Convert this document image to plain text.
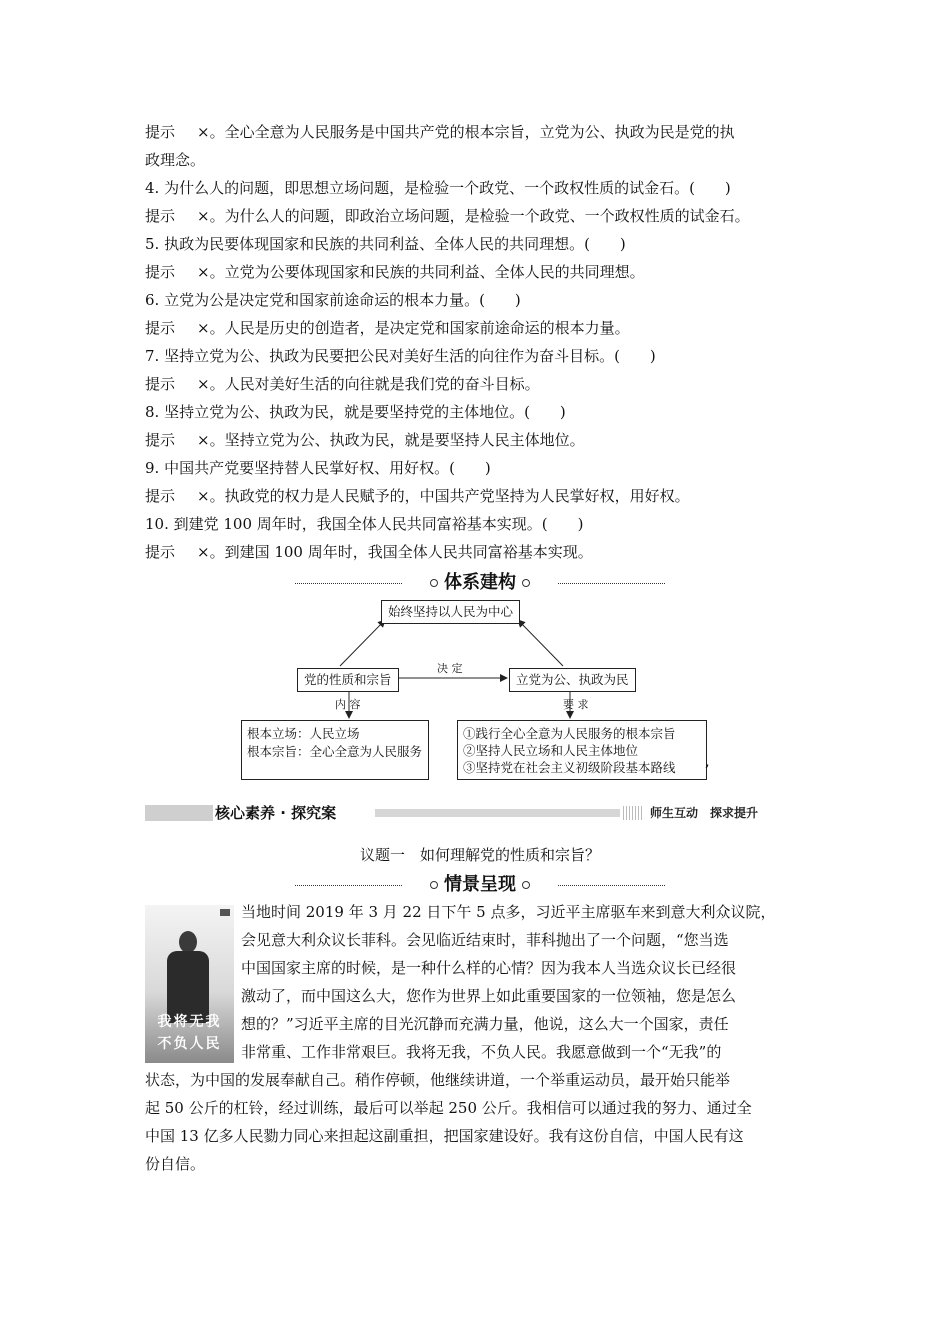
提示 ×。全心全意为人民服务是中国共产党的根本宗旨，立党为公、执政为民是党的执
政理念。
4. 为什么人的问题，即思想立场问题，是检验一个政党、一个政权性质的试金石。(　　)
提示 ×。为什么人的问题，即政治立场问题，是检验一个政党、一个政权性质的试金石。
5. 执政为民要体现国家和民族的共同利益、全体人民的共同理想。(　　)
提示 ×。立党为公要体现国家和民族的共同利益、全体人民的共同理想。
6. 立党为公是决定党和国家前途命运的根本力量。(　　)
提示 ×。人民是历史的创造者，是决定党和国家前途命运的根本力量。
7. 坚持立党为公、执政为民要把公民对美好生活的向往作为奋斗目标。(　　)
提示 ×。人民对美好生活的向往就是我们党的奋斗目标。
8. 坚持立党为公、执政为民，就是要坚持党的主体地位。(　　)
提示 ×。坚持立党为公、执政为民，就是要坚持人民主体地位。
9. 中国共产党要坚持替人民掌好权、用好权。(　　)
提示 ×。执政党的权力是人民赋予的，中国共产党坚持为人民掌好权，用好权。
10. 到建党 100 周年时，我国全体人民共同富裕基本实现。(　　)
提示 ×。到建国 100 周年时，我国全体人民共同富裕基本实现。
体系建构
始终坚持以人民为中心
党的性质和宗旨	立党为公、执政为民
决 定
内 容	要 求
根本立场：人民立场
根本宗旨：全心全意为人民服务
①践行全心全意为人民服务的根本宗旨
②坚持人民立场和人民主体地位
③坚持党在社会主义初级阶段基本路线	,
核心素养 · 探究案	师生互动　探求提升
议题一　如何理解党的性质和宗旨？
情景呈现
我将无我
不负人民
当地时间 2019 年 3 月 22 日下午 5 点多，习近平主席驱车来到意大利众议院，
会见意大利众议长菲科。会见临近结束时，菲科抛出了一个问题，“您当选
中国国家主席的时候，是一种什么样的心情？因为我本人当选众议长已经很
激动了，而中国这么大，您作为世界上如此重要国家的一位领袖，您是怎么
想的？”习近平主席的目光沉静而充满力量，他说，这么大一个国家，责任
非常重、工作非常艰巨。我将无我，不负人民。我愿意做到一个“无我”的
状态，为中国的发展奉献自己。稍作停顿，他继续讲道，一个举重运动员，最开始只能举
起 50 公斤的杠铃，经过训练，最后可以举起 250 公斤。我相信可以通过我的努力、通过全
中国 13 亿多人民勠力同心来担起这副重担，把国家建设好。我有这份自信，中国人民有这
份自信。
